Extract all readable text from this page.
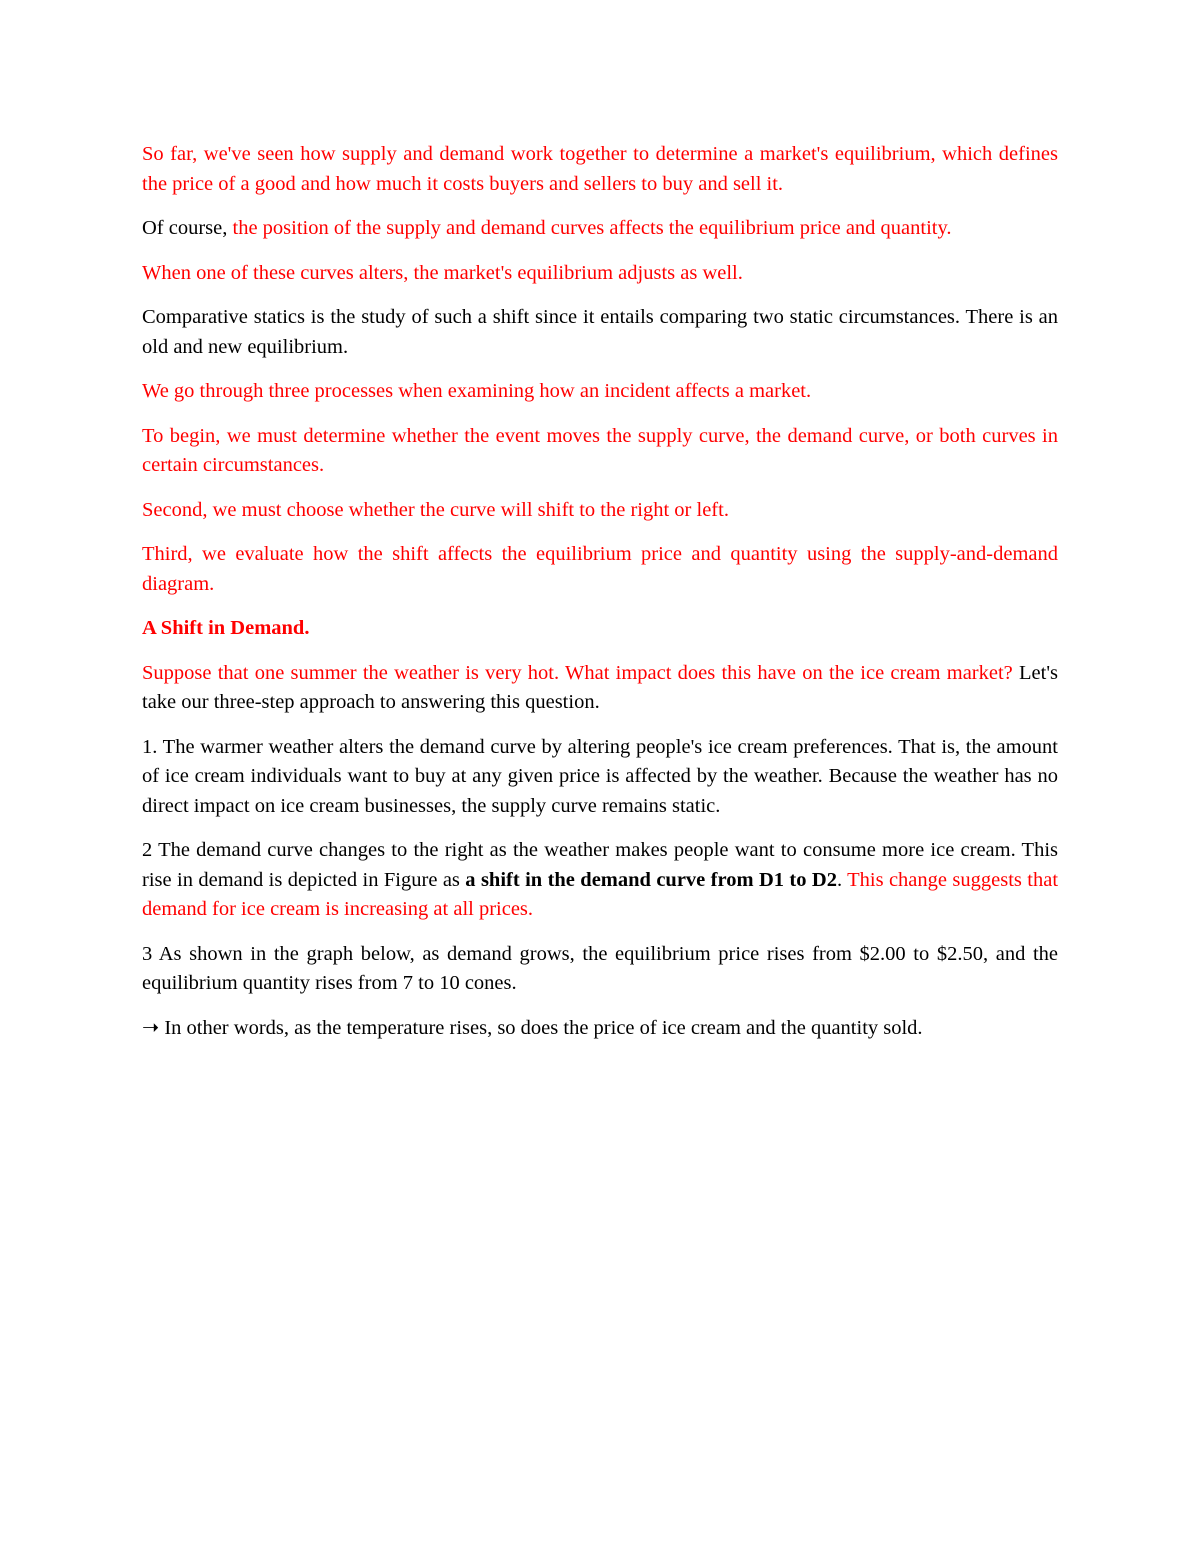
So far, we've seen how supply and demand work together to determine a market's equilibrium, which defines the price of a good and how much it costs buyers and sellers to buy and sell it.

Of course, the position of the supply and demand curves affects the equilibrium price and quantity.

When one of these curves alters, the market's equilibrium adjusts as well.

Comparative statics is the study of such a shift since it entails comparing two static circumstances. There is an old and new equilibrium.

We go through three processes when examining how an incident affects a market.

To begin, we must determine whether the event moves the supply curve, the demand curve, or both curves in certain circumstances.

Second, we must choose whether the curve will shift to the right or left.

Third, we evaluate how the shift affects the equilibrium price and quantity using the supply-and-demand diagram.

A Shift in Demand.

Suppose that one summer the weather is very hot. What impact does this have on the ice cream market? Let's take our three-step approach to answering this question.

1. The warmer weather alters the demand curve by altering people's ice cream preferences. That is, the amount of ice cream individuals want to buy at any given price is affected by the weather. Because the weather has no direct impact on ice cream businesses, the supply curve remains static.

2 The demand curve changes to the right as the weather makes people want to consume more ice cream. This rise in demand is depicted in Figure as a shift in the demand curve from D1 to D2. This change suggests that demand for ice cream is increasing at all prices.

3 As shown in the graph below, as demand grows, the equilibrium price rises from $2.00 to $2.50, and the equilibrium quantity rises from 7 to 10 cones.

➝ In other words, as the temperature rises, so does the price of ice cream and the quantity sold.
